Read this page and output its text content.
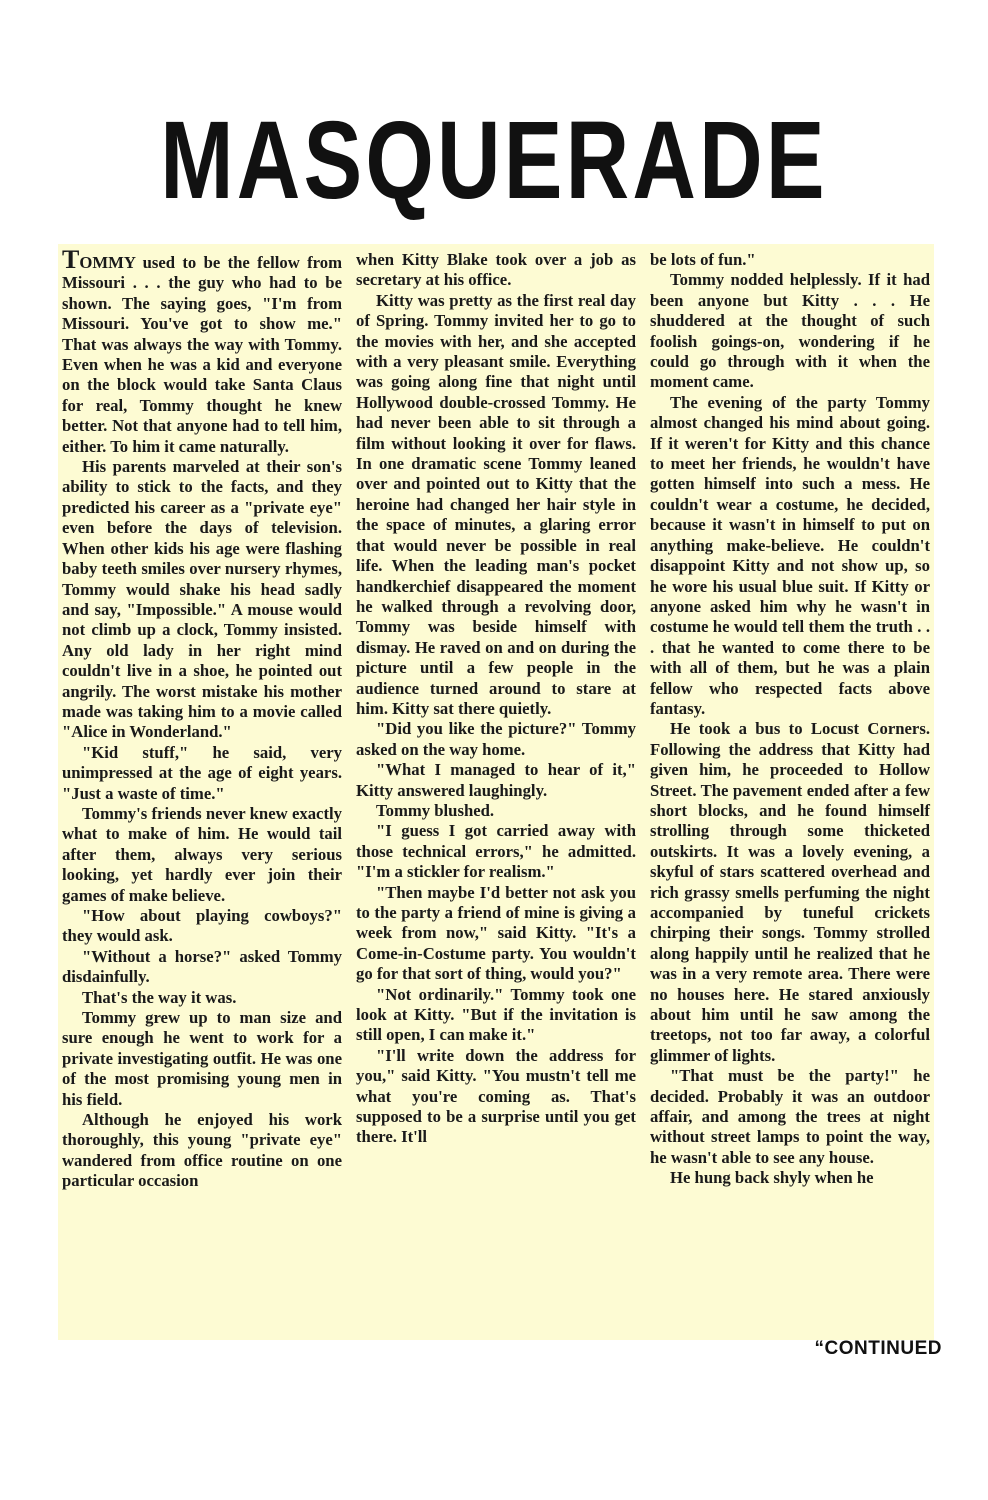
MASQUERADE

TOMMY used to be the fellow from Missouri . . . the guy who had to be shown. The saying goes, "I'm from Missouri. You've got to show me." That was always the way with Tommy. Even when he was a kid and everyone on the block would take Santa Claus for real, Tommy thought he knew better. Not that anyone had to tell him, either. To him it came naturally.

His parents marveled at their son's ability to stick to the facts, and they predicted his career as a "private eye" even before the days of television. When other kids his age were flashing baby teeth smiles over nursery rhymes, Tommy would shake his head sadly and say, "Impossible." A mouse would not climb up a clock, Tommy insisted. Any old lady in her right mind couldn't live in a shoe, he pointed out angrily. The worst mistake his mother made was taking him to a movie called "Alice in Wonderland."

"Kid stuff," he said, very unimpressed at the age of eight years. "Just a waste of time."

Tommy's friends never knew exactly what to make of him. He would tail after them, always very serious looking, yet hardly ever join their games of make believe.

"How about playing cowboys?" they would ask.

"Without a horse?" asked Tommy disdainfully.

That's the way it was.

Tommy grew up to man size and sure enough he went to work for a private investigating outfit. He was one of the most promising young men in his field.

Although he enjoyed his work thoroughly, this young "private eye" wandered from office routine on one particular occasion

when Kitty Blake took over a job as secretary at his office.

Kitty was pretty as the first real day of Spring. Tommy invited her to go to the movies with her, and she accepted with a very pleasant smile. Everything was going along fine that night until Hollywood double-crossed Tommy. He had never been able to sit through a film without looking it over for flaws. In one dramatic scene Tommy leaned over and pointed out to Kitty that the heroine had changed her hair style in the space of minutes, a glaring error that would never be possible in real life. When the leading man's pocket handkerchief disappeared the moment he walked through a revolving door, Tommy was beside himself with dismay. He raved on and on during the picture until a few people in the audience turned around to stare at him. Kitty sat there quietly.

"Did you like the picture?" Tommy asked on the way home.

"What I managed to hear of it," Kitty answered laughingly.

Tommy blushed.

"I guess I got carried away with those technical errors," he admitted. "I'm a stickler for realism."

"Then maybe I'd better not ask you to the party a friend of mine is giving a week from now," said Kitty. "It's a Come-in-Costume party. You wouldn't go for that sort of thing, would you?"

"Not ordinarily." Tommy took one look at Kitty. "But if the invitation is still open, I can make it."

"I'll write down the address for you," said Kitty. "You mustn't tell me what you're coming as. That's supposed to be a surprise until you get there. It'll

be lots of fun."

Tommy nodded helplessly. If it had been anyone but Kitty . . . He shuddered at the thought of such foolish goings-on, wondering if he could go through with it when the moment came.

The evening of the party Tommy almost changed his mind about going. If it weren't for Kitty and this chance to meet her friends, he wouldn't have gotten himself into such a mess. He couldn't wear a costume, he decided, because it wasn't in himself to put on anything make-believe. He couldn't disappoint Kitty and not show up, so he wore his usual blue suit. If Kitty or anyone asked him why he wasn't in costume he would tell them the truth . . . that he wanted to come there to be with all of them, but he was a plain fellow who respected facts above fantasy.

He took a bus to Locust Corners. Following the address that Kitty had given him, he proceeded to Hollow Street. The pavement ended after a few short blocks, and he found himself strolling through some thicketed outskirts. It was a lovely evening, a skyful of stars scattered overhead and rich grassy smells perfuming the night accompanied by tuneful crickets chirping their songs. Tommy strolled along happily until he realized that he was in a very remote area. There were no houses here. He stared anxiously about him until he saw among the treetops, not too far away, a colorful glimmer of lights.

"That must be the party!" he decided. Probably it was an outdoor affair, and among the trees at night without street lamps to point the way, he wasn't able to see any house.

He hung back shyly when he

“CONTINUED
